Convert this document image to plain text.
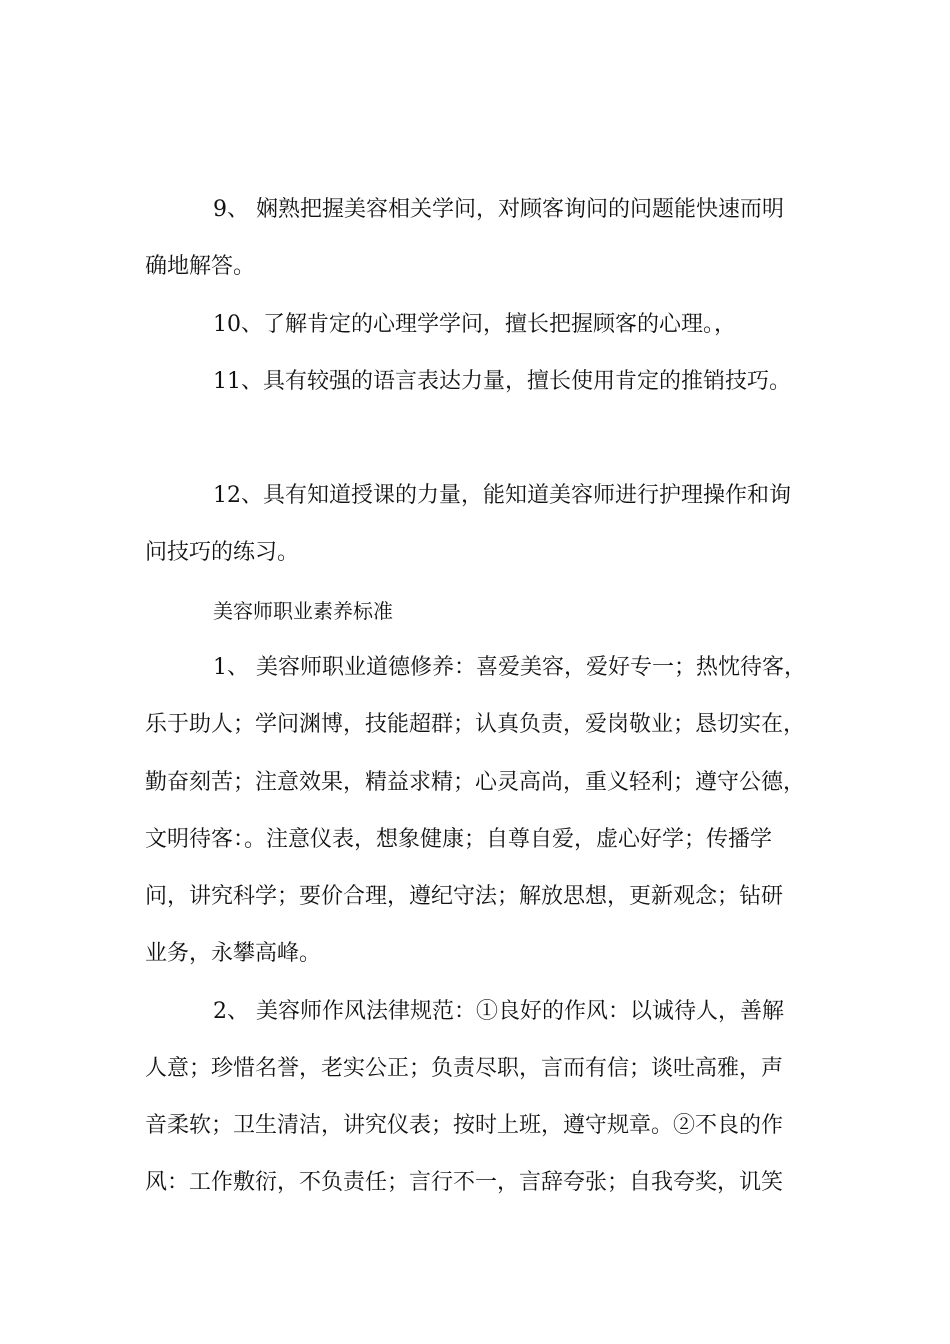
9、 娴熟把握美容相关学问，对顾客询问的问题能快速而明
确地解答。
10、了解肯定的心理学学问，擅长把握顾客的心理。，
11、具有较强的语言表达力量，擅长使用肯定的推销技巧。
12、具有知道授课的力量，能知道美容师进行护理操作和询
问技巧的练习。
美容师职业素养标准
1、 美容师职业道德修养：喜爱美容，爱好专一；热忱待客，
乐于助人；学问渊博，技能超群；认真负责，爱岗敬业；恳切实在，
勤奋刻苦；注意效果，精益求精；心灵高尚，重义轻利；遵守公德，
文明待客：。注意仪表，想象健康；自尊自爱，虚心好学；传播学
问，讲究科学；要价合理，遵纪守法；解放思想，更新观念；钻研
业务，永攀高峰。
2、 美容师作风法律规范：①良好的作风：以诚待人，善解
人意；珍惜名誉，老实公正；负责尽职，言而有信；谈吐高雅，声
音柔软；卫生清洁，讲究仪表；按时上班，遵守规章。②不良的作
风：工作敷衍，不负责任；言行不一，言辞夸张；自我夸奖，讥笑
